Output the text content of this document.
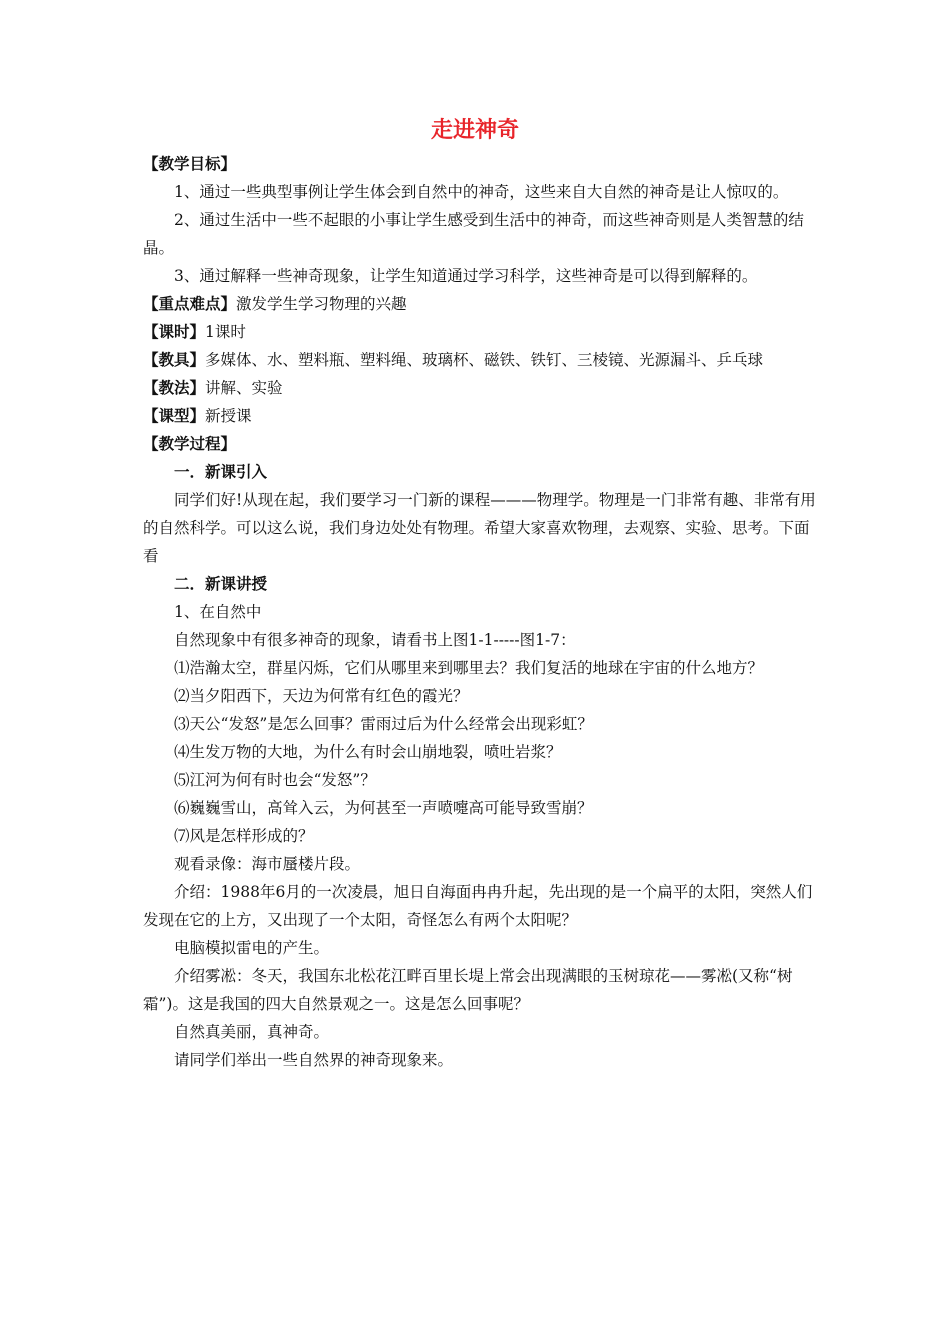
走进神奇

【教学目标】

1、通过一些典型事例让学生体会到自然中的神奇，这些来自大自然的神奇是让人惊叹的。

2、通过生活中一些不起眼的小事让学生感受到生活中的神奇，而这些神奇则是人类智慧的结晶。

3、通过解释一些神奇现象，让学生知道通过学习科学，这些神奇是可以得到解释的。

【重点难点】激发学生学习物理的兴趣

【课时】1课时

【教具】多媒体、水、塑料瓶、塑料绳、玻璃杯、磁铁、铁钉、三棱镜、光源漏斗、乒乓球

【教法】讲解、实验

【课型】新授课

【教学过程】

一．新课引入

同学们好!从现在起，我们要学习一门新的课程———物理学。物理是一门非常有趣、非常有用的自然科学。可以这么说，我们身边处处有物理。希望大家喜欢物理，去观察、实验、思考。下面看

二．新课讲授

1、在自然中

自然现象中有很多神奇的现象，请看书上图1-1-----图1-7：

⑴浩瀚太空，群星闪烁，它们从哪里来到哪里去？我们复活的地球在宇宙的什么地方？

⑵当夕阳西下，天边为何常有红色的霞光？

⑶天公“发怒”是怎么回事？雷雨过后为什么经常会出现彩虹？

⑷生发万物的大地，为什么有时会山崩地裂，喷吐岩浆？

⑸江河为何有时也会“发怒”？

⑹巍巍雪山，高耸入云，为何甚至一声喷嚏高可能导致雪崩？

⑺风是怎样形成的？

观看录像：海市蜃楼片段。

介绍：1988年6月的一次凌晨，旭日自海面冉冉升起，先出现的是一个扁平的太阳，突然人们发现在它的上方，又出现了一个太阳，奇怪怎么有两个太阳呢？

电脑模拟雷电的产生。

介绍雾凇：冬天，我国东北松花江畔百里长堤上常会出现满眼的玉树琼花——雾凇(又称“树霜”)。这是我国的四大自然景观之一。这是怎么回事呢？

自然真美丽，真神奇。

请同学们举出一些自然界的神奇现象来。
